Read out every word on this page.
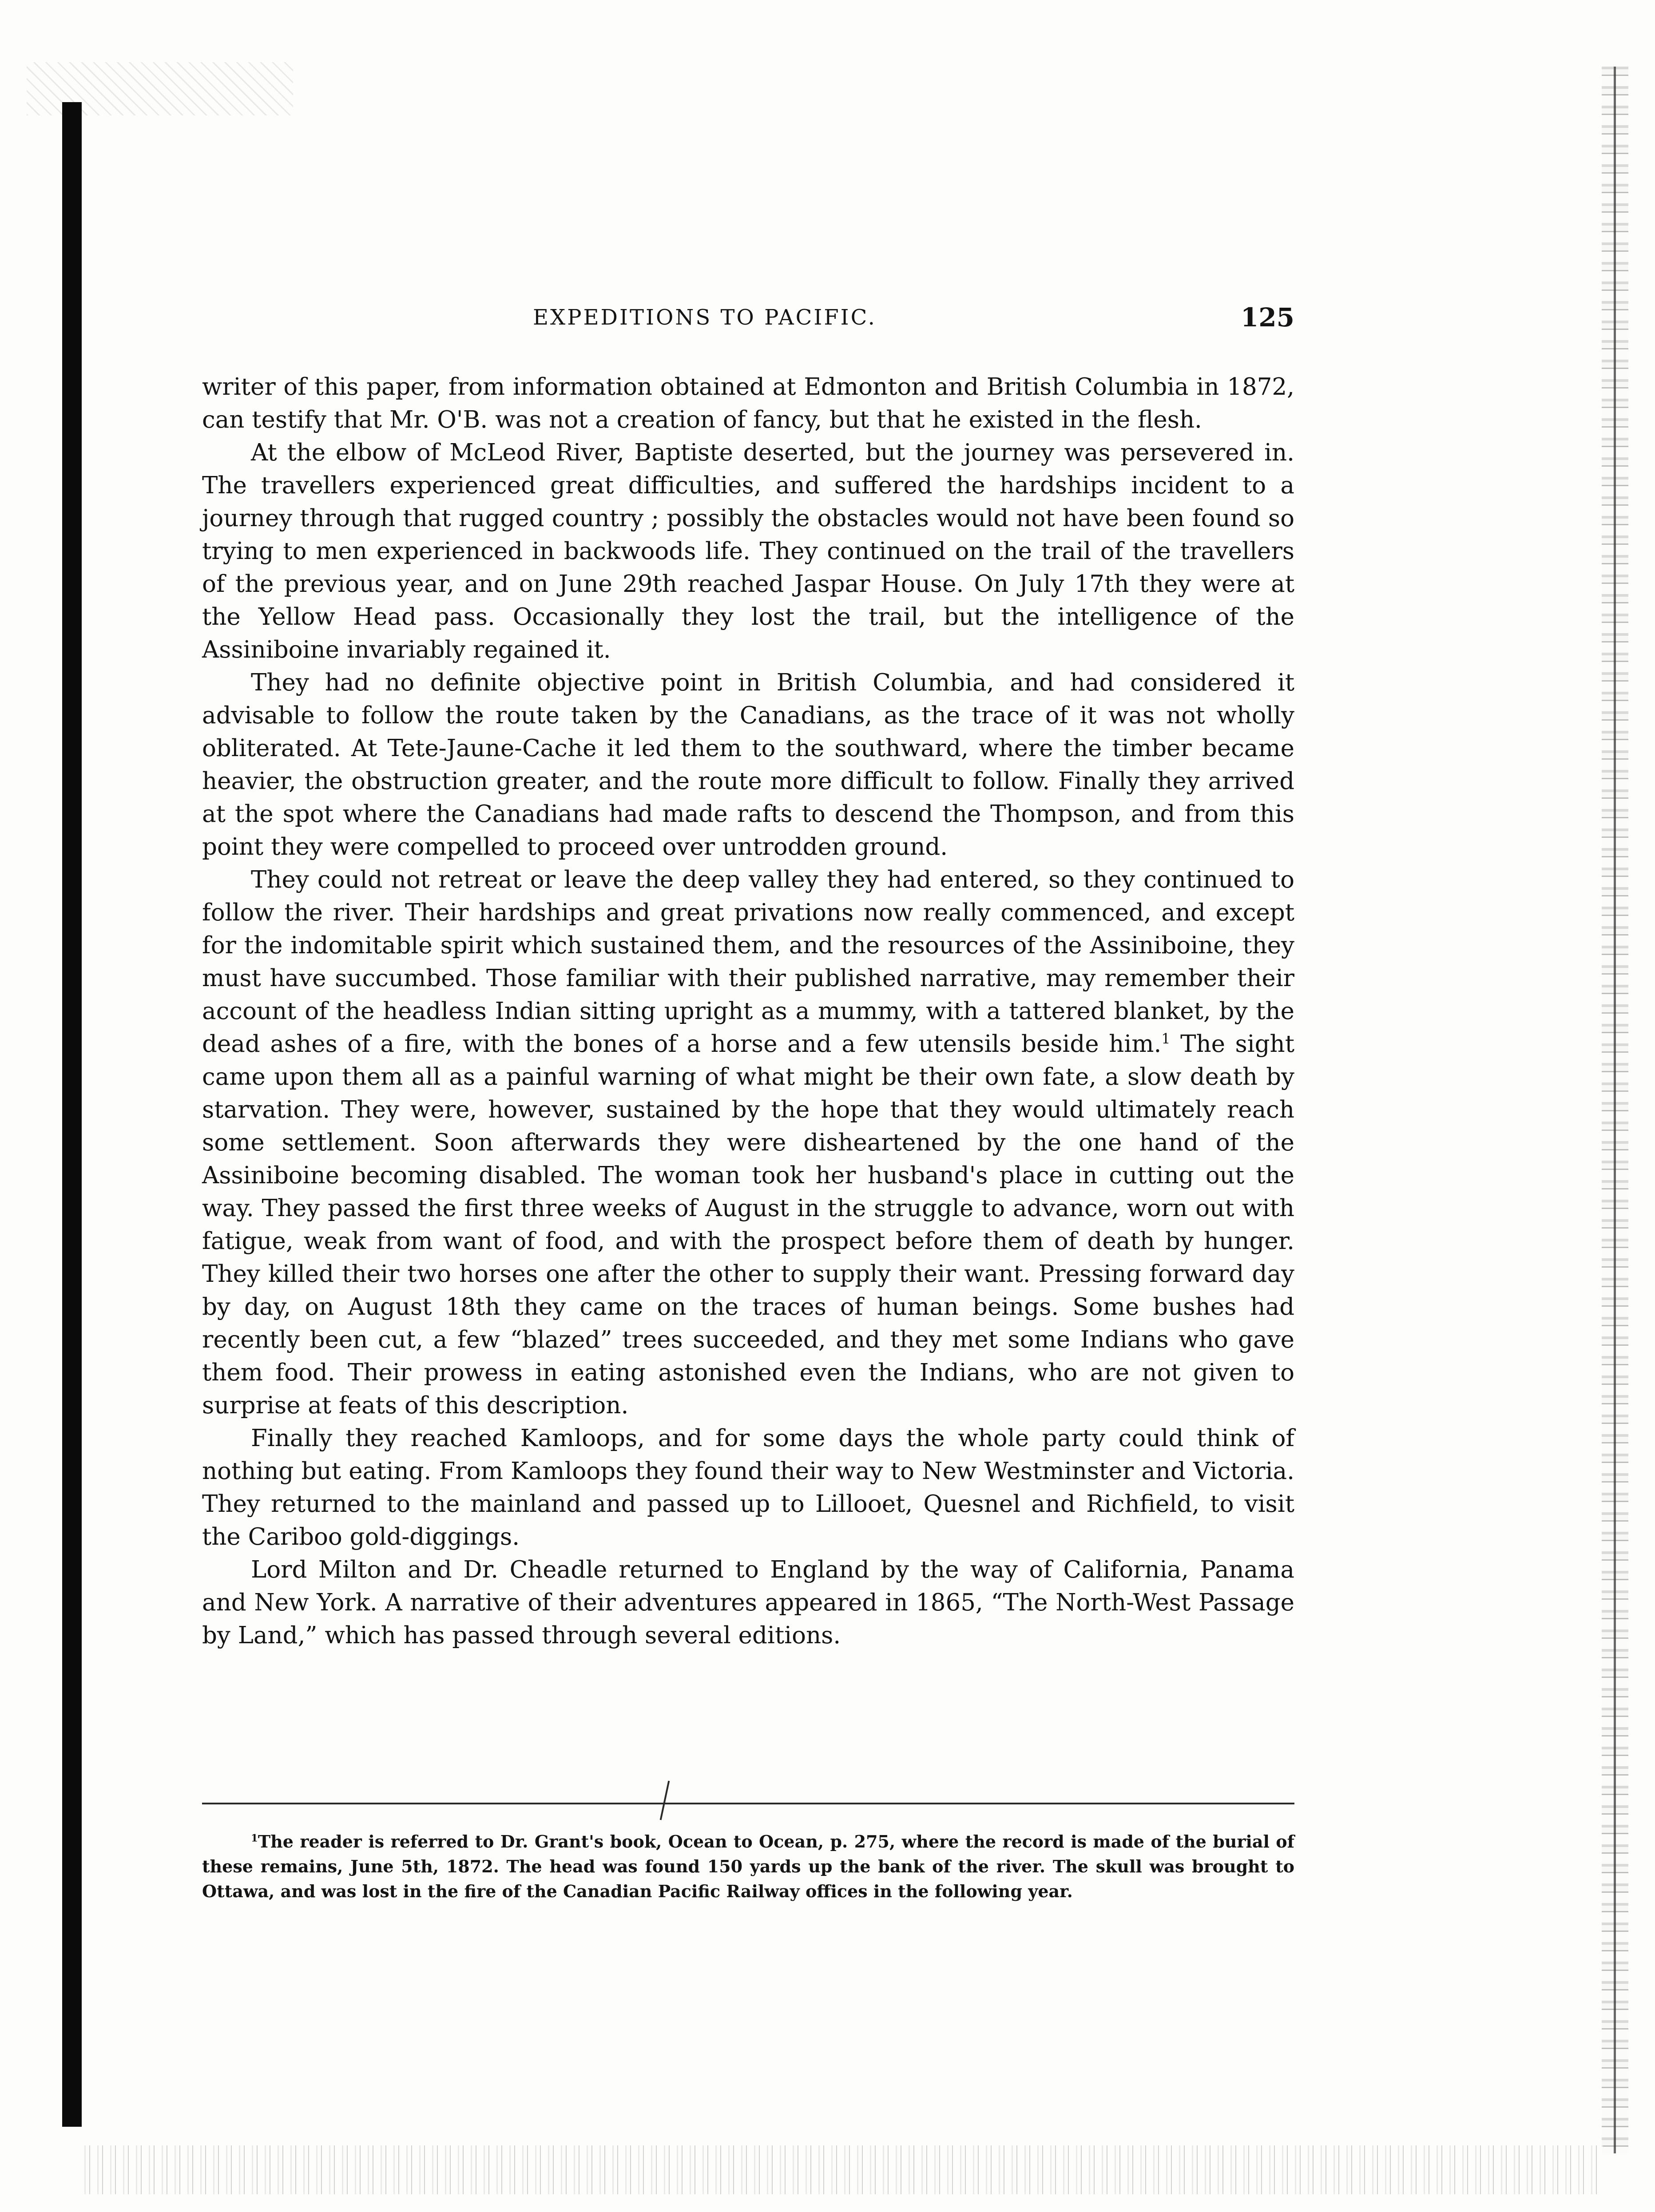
EXPEDITIONS TO PACIFIC.	125

writer of this paper, from information obtained at Edmonton and British Columbia in 1872, can testify that Mr. O'B. was not a creation of fancy, but that he existed in the flesh.

At the elbow of McLeod River, Baptiste deserted, but the journey was persevered in. The travellers experienced great difficulties, and suffered the hardships incident to a journey through that rugged country ; possibly the obstacles would not have been found so trying to men experienced in backwoods life. They continued on the trail of the travellers of the previous year, and on June 29th reached Jaspar House. On July 17th they were at the Yellow Head pass. Occasionally they lost the trail, but the intelligence of the Assiniboine invariably regained it.

They had no definite objective point in British Columbia, and had considered it advisable to follow the route taken by the Canadians, as the trace of it was not wholly obliterated. At Tete-Jaune-Cache it led them to the southward, where the timber became heavier, the obstruction greater, and the route more difficult to follow. Finally they arrived at the spot where the Canadians had made rafts to descend the Thompson, and from this point they were compelled to proceed over untrodden ground.

They could not retreat or leave the deep valley they had entered, so they continued to follow the river. Their hardships and great privations now really commenced, and except for the indomitable spirit which sustained them, and the resources of the Assiniboine, they must have succumbed. Those familiar with their published narrative, may remember their account of the headless Indian sitting upright as a mummy, with a tattered blanket, by the dead ashes of a fire, with the bones of a horse and a few utensils beside him.$^1$ The sight came upon them all as a painful warning of what might be their own fate, a slow death by starvation. They were, however, sustained by the hope that they would ultimately reach some settlement. Soon afterwards they were disheartened by the one hand of the Assiniboine becoming disabled. The woman took her husband's place in cutting out the way. They passed the first three weeks of August in the struggle to advance, worn out with fatigue, weak from want of food, and with the prospect before them of death by hunger. They killed their two horses one after the other to supply their want. Pressing forward day by day, on August 18th they came on the traces of human beings. Some bushes had recently been cut, a few “blazed” trees succeeded, and they met some Indians who gave them food. Their prowess in eating astonished even the Indians, who are not given to surprise at feats of this description.

Finally they reached Kamloops, and for some days the whole party could think of nothing but eating. From Kamloops they found their way to New Westminster and Victoria. They returned to the mainland and passed up to Lillooet, Quesnel and Richfield, to visit the Cariboo gold-diggings.

Lord Milton and Dr. Cheadle returned to England by the way of California, Panama and New York. A narrative of their adventures appeared in 1865, “The North-West Passage by Land,” which has passed through several editions.

$^1$The reader is referred to Dr. Grant's book, Ocean to Ocean, p. 275, where the record is made of the burial of these remains, June 5th, 1872. The head was found 150 yards up the bank of the river. The skull was brought to Ottawa, and was lost in the fire of the Canadian Pacific Railway offices in the following year.
